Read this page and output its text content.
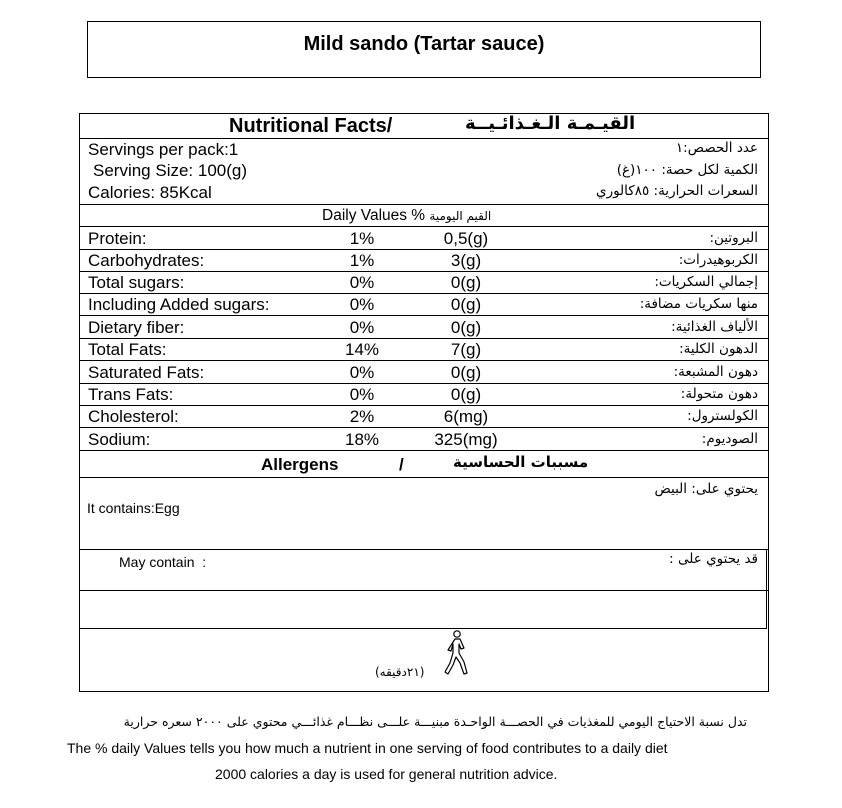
Mild sando (Tartar sauce)
Nutritional Facts/	القيـمـة الـغـذائـيــة
Servings per pack:1	عدد الحصص:١
Serving Size: 100(g)	الكمية لكل حصة: ١٠٠(غ)
Calories: 85Kcal	السعرات الحرارية: ٨٥كالوري
Daily Values % القيم اليومية
Protein:	1%	0,5(g)	البروتين:
Carbohydrates:	1%	3(g)	الكربوهيدرات:
Total sugars:	0%	0(g)	إجمالي السكريات:
Including Added sugars:	0%	0(g)	منها سكريات مضافة:
Dietary fiber:	0%	0(g)	الألياف الغذائية:
Total Fats:	14%	7(g)	الدهون الكلية:
Saturated Fats:	0%	0(g)	دهون المشبعة:
Trans Fats:	0%	0(g)	دهون متحولة:
Cholesterol:	2%	6(mg)	الكولسترول:
Sodium:	18%	325(mg)	الصوديوم:
Allergens	/	مسببات الحساسية
يحتوي على: البيض
It contains:Egg
May contain  :	قد يحتوي على :
(٢١دقيقه)
تدل نسبة الاحتياج اليومي للمغذيات في الحصـــة الواحـدة مبنيـــة علـــى نظـــام غذائـــي محتوي على ٢٠٠٠ سعره حرارية
The % daily Values tells you how much a nutrient in one serving of food contributes to a daily diet
2000 calories a day is used for general nutrition advice.
